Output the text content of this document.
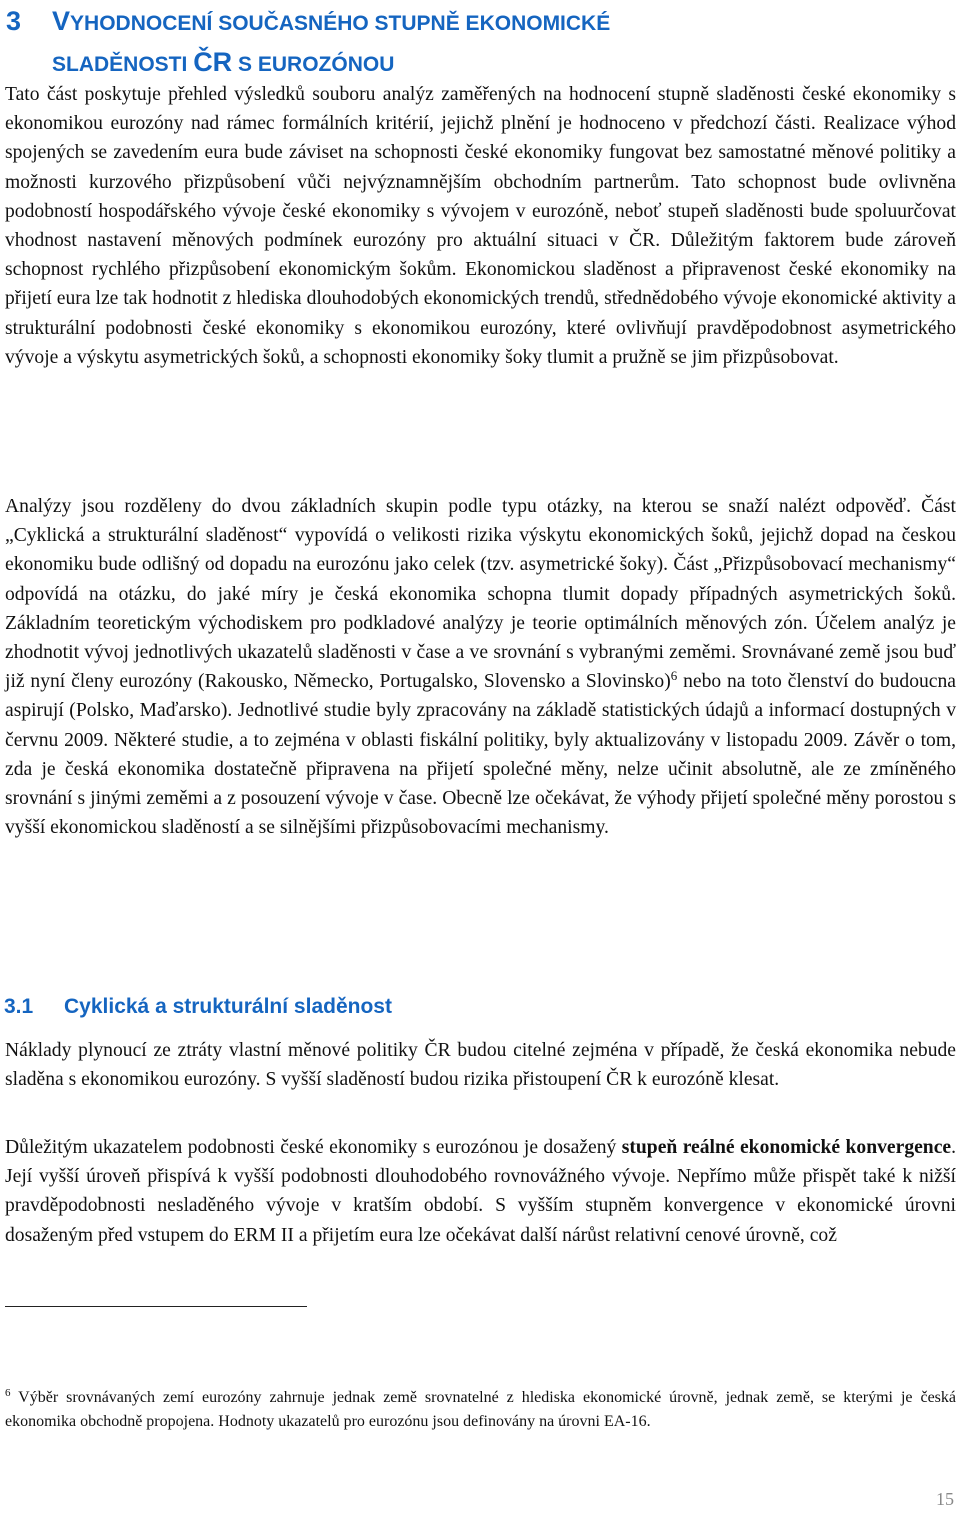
3 VYHODNOCENÍ SOUČASNÉHO STUPNĚ EKONOMICKÉ
SLADĚNOSTI ČR S EUROZÓNOU

Tato část poskytuje přehled výsledků souboru analýz zaměřených na hodnocení stupně sladěnosti české ekonomiky s ekonomikou eurozóny nad rámec formálních kritérií, jejichž plnění je hodnoceno v předchozí části. Realizace výhod spojených se zavedením eura bude záviset na schopnosti české ekonomiky fungovat bez samostatné měnové politiky a možnosti kurzového přizpůsobení vůči nejvýznamnějším obchodním partnerům. Tato schopnost bude ovlivněna podobností hospodářského vývoje české ekonomiky s vývojem v eurozóně, neboť stupeň sladěnosti bude spoluurčovat vhodnost nastavení měnových podmínek eurozóny pro aktuální situaci v ČR. Důležitým faktorem bude zároveň schopnost rychlého přizpůsobení ekonomickým šokům. Ekonomickou sladěnost a připravenost české ekonomiky na přijetí eura lze tak hodnotit z hlediska dlouhodobých ekonomických trendů, střednědobého vývoje ekonomické aktivity a strukturální podobnosti české ekonomiky s ekonomikou eurozóny, které ovlivňují pravděpodobnost asymetrického vývoje a výskytu asymetrických šoků, a schopnosti ekonomiky šoky tlumit a pružně se jim přizpůsobovat.

Analýzy jsou rozděleny do dvou základních skupin podle typu otázky, na kterou se snaží nalézt odpověď. Část „Cyklická a strukturální sladěnost“ vypovídá o velikosti rizika výskytu ekonomických šoků, jejichž dopad na českou ekonomiku bude odlišný od dopadu na eurozónu jako celek (tzv. asymetrické šoky). Část „Přizpůsobovací mechanismy“ odpovídá na otázku, do jaké míry je česká ekonomika schopna tlumit dopady případných asymetrických šoků. Základním teoretickým východiskem pro podkladové analýzy je teorie optimálních měnových zón. Účelem analýz je zhodnotit vývoj jednotlivých ukazatelů sladěnosti v čase a ve srovnání s vybranými zeměmi. Srovnávané země jsou buď již nyní členy eurozóny (Rakousko, Německo, Portugalsko, Slovensko a Slovinsko)$^6$ nebo na toto členství do budoucna aspirují (Polsko, Maďarsko). Jednotlivé studie byly zpracovány na základě statistických údajů a informací dostupných v červnu 2009. Některé studie, a to zejména v oblasti fiskální politiky, byly aktualizovány v listopadu 2009. Závěr o tom, zda je česká ekonomika dostatečně připravena na přijetí společné měny, nelze učinit absolutně, ale ze zmíněného srovnání s jinými zeměmi a z posouzení vývoje v čase. Obecně lze očekávat, že výhody přijetí společné měny porostou s vyšší ekonomickou sladěností a se silnějšími přizpůsobovacími mechanismy.

3.1 Cyklická a strukturální sladěnost

Náklady plynoucí ze ztráty vlastní měnové politiky ČR budou citelné zejména v případě, že česká ekonomika nebude sladěna s ekonomikou eurozóny. S vyšší sladěností budou rizika přistoupení ČR k eurozóně klesat.

Důležitým ukazatelem podobnosti české ekonomiky s eurozónou je dosažený stupeň reálné ekonomické konvergence. Její vyšší úroveň přispívá k vyšší podobnosti dlouhodobého rovnovážného vývoje. Nepřímo může přispět také k nižší pravděpodobnosti nesladěného vývoje v kratším období. S vyšším stupněm konvergence v ekonomické úrovni dosaženým před vstupem do ERM II a přijetím eura lze očekávat další nárůst relativní cenové úrovně, což

$^6$ Výběr srovnávaných zemí eurozóny zahrnuje jednak země srovnatelné z hlediska ekonomické úrovně, jednak země, se kterými je česká ekonomika obchodně propojena. Hodnoty ukazatelů pro eurozónu jsou definovány na úrovni EA-16.

15
